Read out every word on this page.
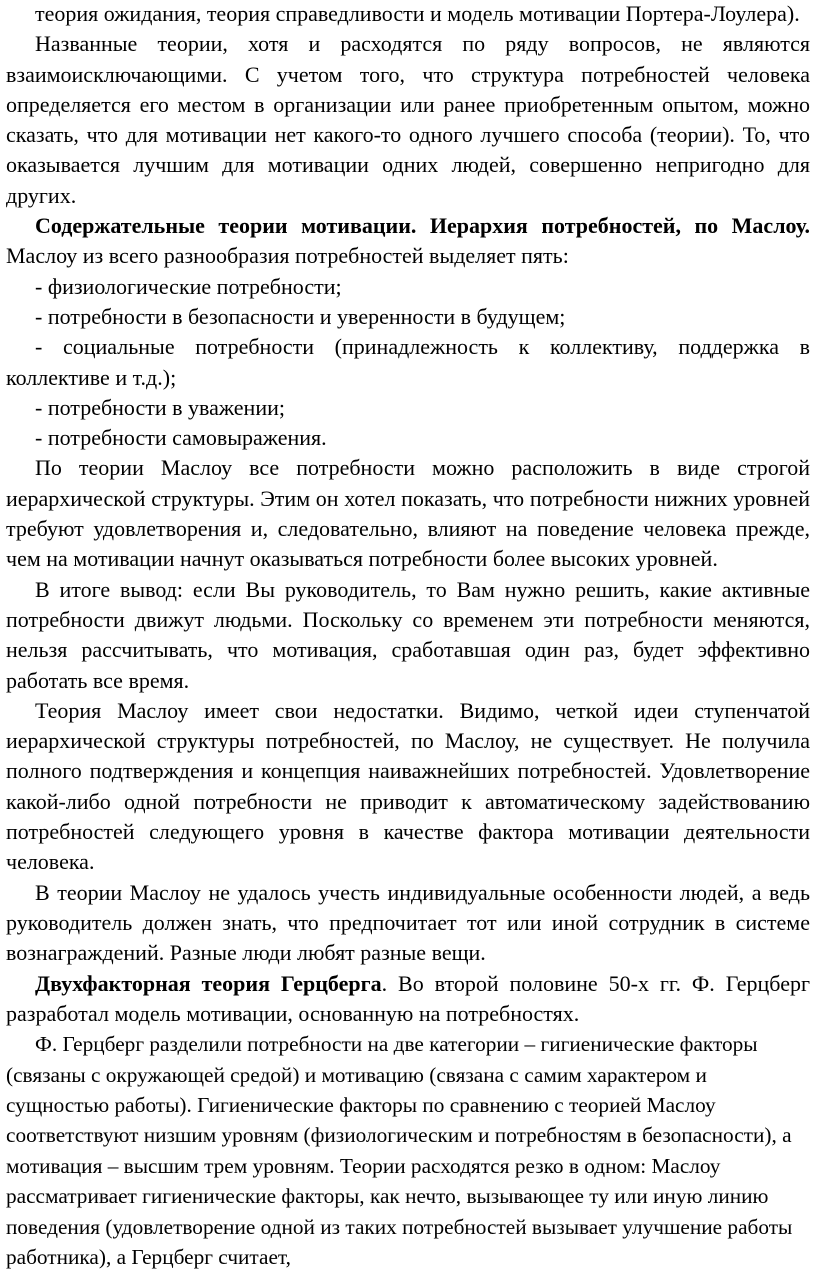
теория ожидания, теория справедливости и модель мотивации Портера-Лоулера).

Названные теории, хотя и расходятся по ряду вопросов, не являются взаимоисключающими. С учетом того, что структура потребностей человека определяется его местом в организации или ранее приобретенным опытом, можно сказать, что для мотивации нет какого-то одного лучшего способа (теории). То, что оказывается лучшим для мотивации одних людей, совершенно непригодно для других.

Содержательные теории мотивации. Иерархия потребностей, по Маслоу. Маслоу из всего разнообразия потребностей выделяет пять:

- физиологические потребности;

- потребности в безопасности и уверенности в будущем;

- социальные потребности (принадлежность к коллективу, поддержка в коллективе и т.д.);

- потребности в уважении;

- потребности самовыражения.

По теории Маслоу все потребности можно расположить в виде строгой иерархической структуры. Этим он хотел показать, что потребности нижних уровней требуют удовлетворения и, следовательно, влияют на поведение человека прежде, чем на мотивации начнут оказываться потребности более высоких уровней.

В итоге вывод: если Вы руководитель, то Вам нужно решить, какие активные потребности движут людьми. Поскольку со временем эти потребности меняются, нельзя рассчитывать, что мотивация, сработавшая один раз, будет эффективно работать все время.

Теория Маслоу имеет свои недостатки. Видимо, четкой идеи ступенчатой иерархической структуры потребностей, по Маслоу, не существует. Не получила полного подтверждения и концепция наиважнейших потребностей. Удовлетворение какой-либо одной потребности не приводит к автоматическому задействованию потребностей следующего уровня в качестве фактора мотивации деятельности человека.

В теории Маслоу не удалось учесть индивидуальные особенности людей, а ведь руководитель должен знать, что предпочитает тот или иной сотрудник в системе вознаграждений. Разные люди любят разные вещи.

Двухфакторная теория Герцберга. Во второй половине 50-х гг. Ф. Герцберг разработал модель мотивации, основанную на потребностях.

Ф. Герцберг разделили потребности на две категории – гигиенические факторы (связаны с окружающей средой) и мотивацию (связана с самим характером и сущностью работы). Гигиенические факторы по сравнению с теорией Маслоу соответствуют низшим уровням (физиологическим и потребностям в безопасности), а мотивация – высшим трем уровням. Теории расходятся резко в одном: Маслоу рассматривает гигиенические факторы, как нечто, вызывающее ту или иную линию поведения (удовлетворение одной из таких потребностей вызывает улучшение работы работника), а Герцберг считает,
